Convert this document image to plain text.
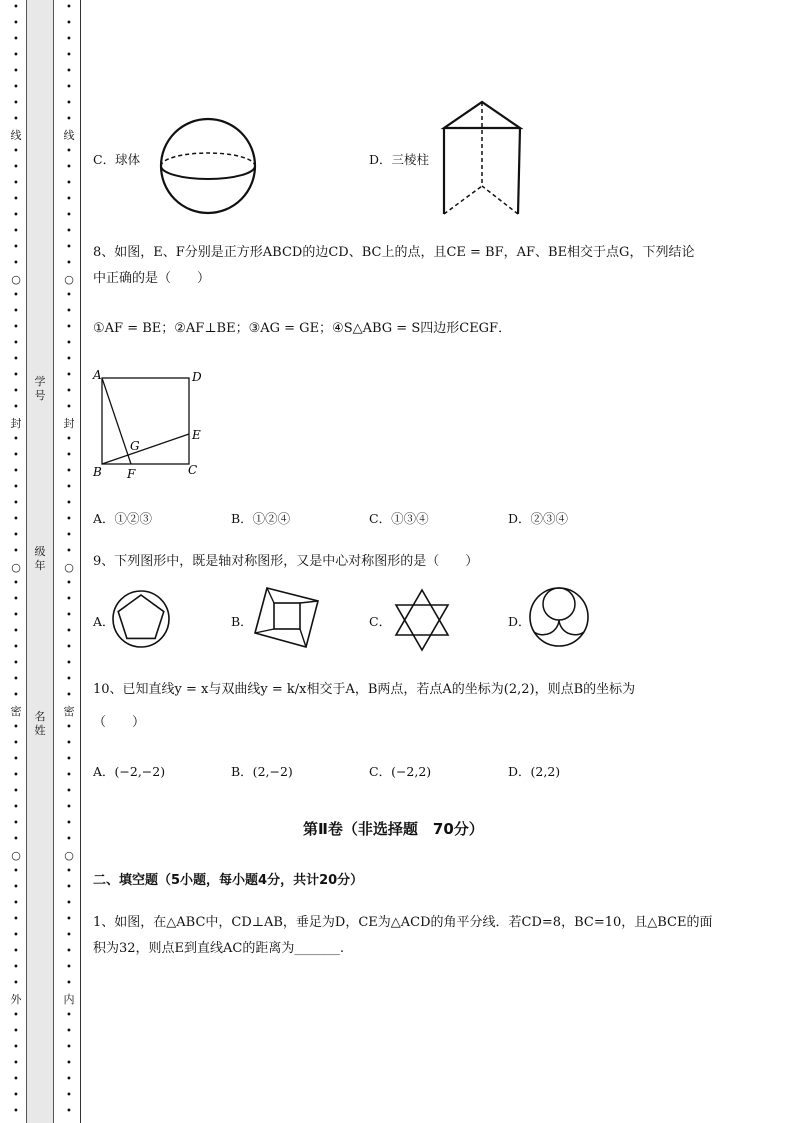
•
•
•
•
•
•
•
•
线
•
•
•
•
•
•
•
•
○
•
•
•
•
•
•
•
•
封
•
•
•
•
•
•
•
•
○
•
•
•
•
•
•
•
•
密
•
•
•
•
•
•
•
•
○
•
•
•
•
•
•
•
•
外
•
•
•
•
•
•
•
•
•
•
•
•
•
•
•
线
•
•
•
•
•
•
•
•
○
•
•
•
•
•
•
•
•
封
•
•
•
•
•
•
•
•
○
•
•
•
•
•
•
•
•
密
•
•
•
•
•
•
•
•
○
•
•
•
•
•
•
•
•
内
•
•
•
•
•
•
•
学号
级年
名姓
C．球体	D．三棱柱
8、如图，E、F分别是正方形ABCD的边CD、BC上的点，且CE = BF，AF、BE相交于点G，下列结论
中正确的是（　　）
①AF = BE；②AF⊥BE；③AG = GE；④S△ABG = S四边形CEGF．
A	D
E
G
B F	C
A．①②③	B．①②④	C．①③④	D．②③④
9、下列图形中，既是轴对称图形，又是中心对称图形的是（　　）
A．	B．	C．	D．
10、已知直线y = x与双曲线y = k/x相交于A，B两点，若点A的坐标为(2,2)，则点B的坐标为
（　　）
A．(−2,−2)	B．(2,−2)	C．(−2,2)	D．(2,2)
第Ⅱ卷（非选择题　70分）
二、填空题（5小题，每小题4分，共计20分）
1、如图，在△ABC中，CD⊥AB，垂足为D，CE为△ACD的角平分线．若CD=8，BC=10，且△BCE的面
积为32，则点E到直线AC的距离为_______.
